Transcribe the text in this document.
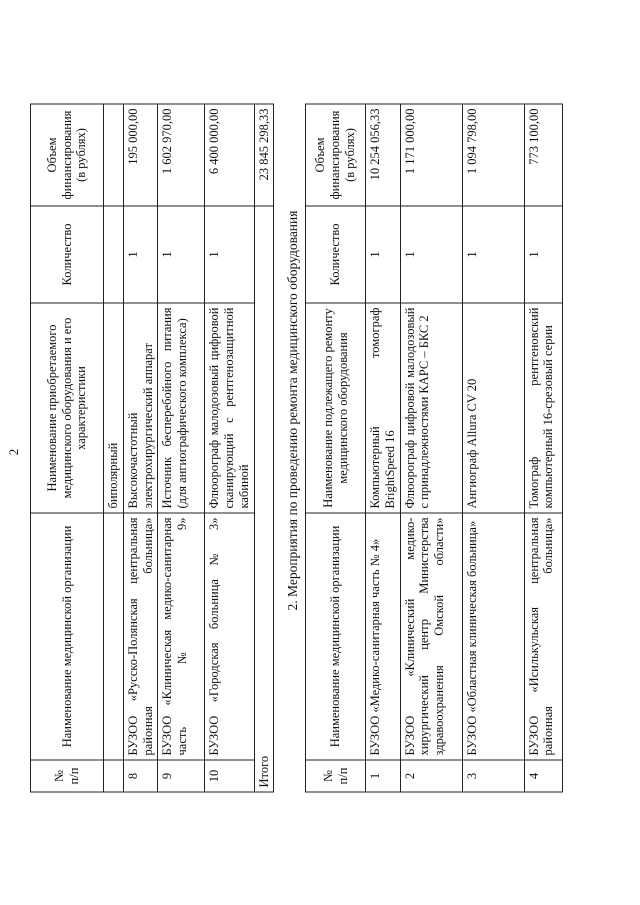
2
№ п/п	Наименование медицинской организации	Наименование приобретаемого медицинского оборудования и его характеристики	Количество	Объем финансирования (в рублях)
		биполярный		
8	БУЗОО «Русско-Полянская центральная районная больница»	Высокочастотный электрохирургический аппарат	1	195 000,00
9	БУЗОО «Клиническая медико-санитарная часть № 9»	Источник бесперебойного питания (для ангиографического комплекса)	1	1 602 970,00
10	БУЗОО «Городская больница № 3»	Флюорограф малодозовый цифровой сканирующий с рентгенозащитной кабиной	1	6 400 000,00
Итого				23 845 298,33
2. Мероприятия по проведению ремонта медицинского оборудования
№ п/п	Наименование медицинской организации	Наименование подлежащего ремонту медицинского оборудования	Количество	Объем финансирования (в рублях)
1	БУЗОО «Медико-санитарная часть № 4»	Компьютерный томограф BrightSpeed 16	1	10 254 056,33
2	БУЗОО «Клинический медико-хирургический центр Министерства здравоохранения Омской области»	Флюорограф цифровой малодозовый с принадлежностями КАРС – БКС 2	1	1 171 000,00
3	БУЗОО «Областная клиническая больница»	Ангиограф Allura CV 20	1	1 094 798,00
4	БУЗОО «Исилькульская центральная районная больница»	Томограф рентгеновский компьютерный 16-срезовый серии	1	773 100,00
